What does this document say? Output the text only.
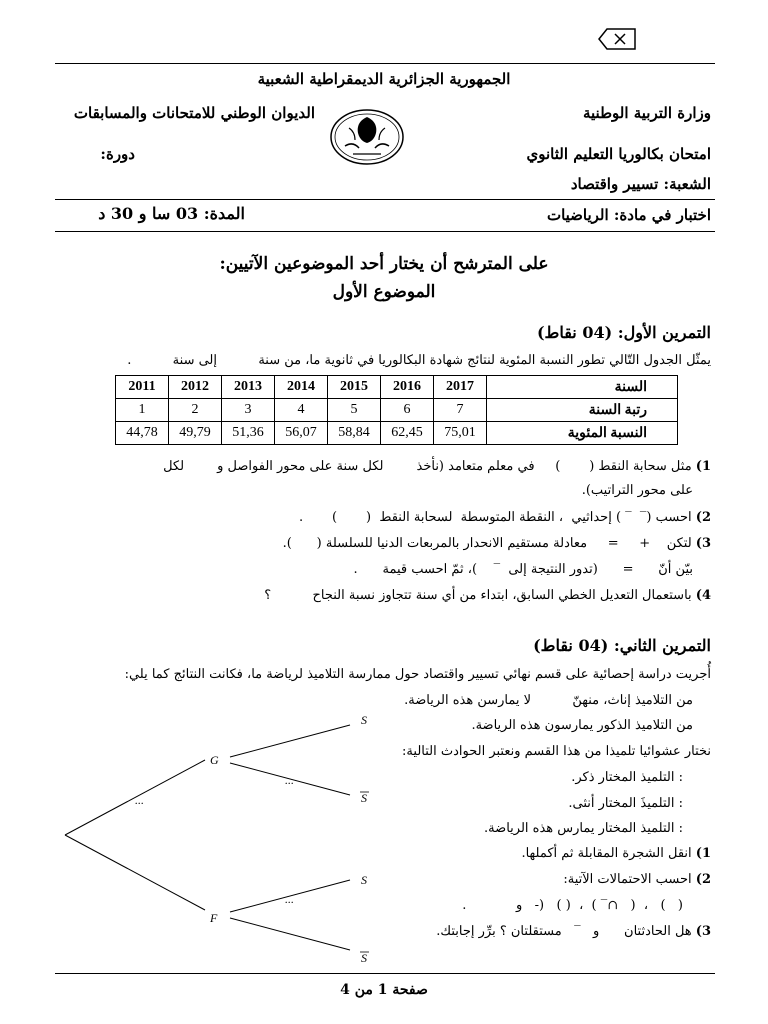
الجمهورية الجزائرية الديمقراطية الشعبية
وزارة التربية الوطنية
الديوان الوطني للامتحانات والمسابقات
امتحان بكالوريا التعليم الثانوي
دورة:
الشعبة: تسيير واقتصاد
اختبار في مادة: الرياضيات
المدة: 03 سا و 30 د
على المترشح أن يختار أحد الموضوعين الآتيين:
الموضوع الأول
التمرين الأول: (04 نقاط)
يمثّل الجدول التّالي تطور النسبة المئوية لنتائج شهادة البكالوريا في ثانوية ما، من سنة          إلى سنة          .
2011	2012	2013	2014	2015	2016	2017	السنة
1	2	3	4	5	6	7	رتبة السنة
44,78	49,79	51,36	56,07	58,84	62,45	75,01	النسبة المئوية
1) مثل سحابة النقط (       )     في معلم متعامد (نأخذ        لكل سنة على محور الفواصل و        لكل
على محور التراتيب).
2) احسب (‾  ‾ ) إحداثيي  ، النقطة المتوسطة  لسحابة النقط  (       )       .
3) لتكن    +     =     معادلة مستقيم الانحدار بالمربعات الدنيا للسلسلة (      ).
بيّن أنّ      =      (تدور النتيجة إلى  ‾    )، ثمّ احسب قيمة      .
4) باستعمال التعديل الخطي السابق، ابتداء من أي سنة تتجاوز نسبة النجاح          ؟
التمرين الثاني: (04 نقاط)
أُجريت دراسة إحصائية على قسم نهائي تسيير واقتصاد حول ممارسة التلاميذ لرياضة ما، فكانت النتائج كما يلي:
من التلاميذ إناث، منهنّ          لا يمارسن هذه الرياضة.
من التلاميذ الذكور يمارسون هذه الرياضة.
نختار عشوائيا تلميذا من هذا القسم ونعتبر الحوادث التالية:
: التلميذ المختار ذكر.
: التلميذَ المختار أنثى.
: التلميذ المختار يمارس هذه الرياضة.
1) انقل الشجرة المقابلة ثم أكملها.
2) احسب الاحتمالات الآتية:
(   )   ،  (   ∩‾ )  ،  ( )   (-   و            .
3) هل الحادثتان      و   ‾   مستقلتان ؟ برِّر إجابتك.
G
F
S
S
S
S
...
...
...
صفحة 1 من 4
